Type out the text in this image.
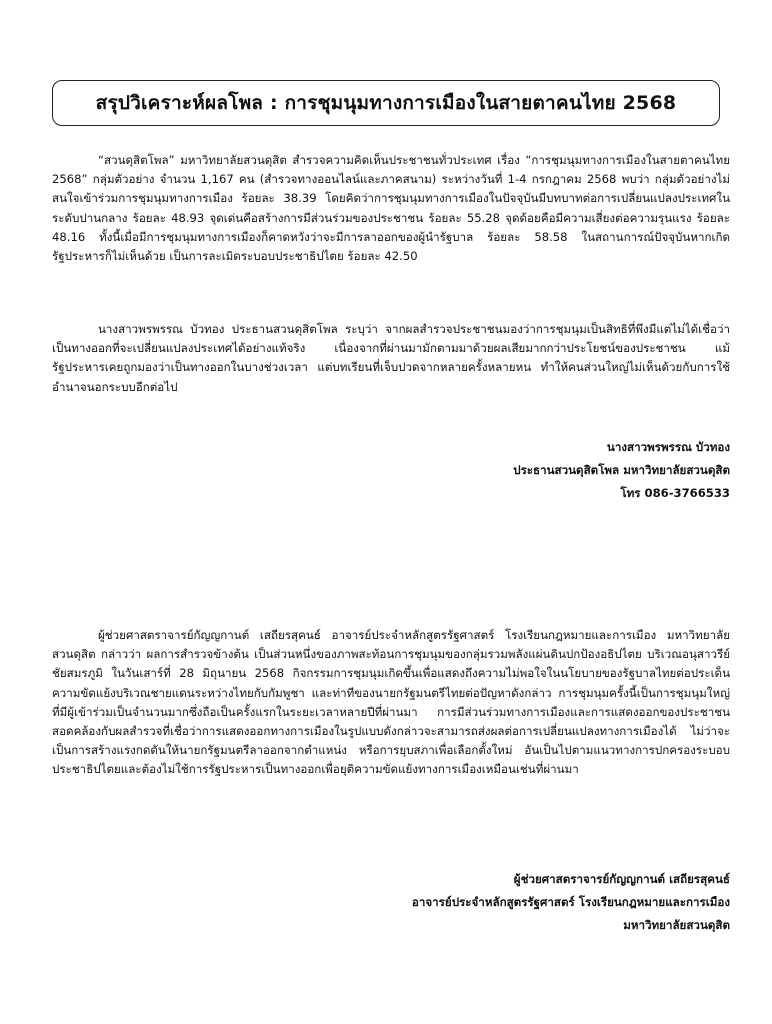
สรุปวิเคราะห์ผลโพล : การชุมนุมทางการเมืองในสายตาคนไทย 2568

“สวนดุสิตโพล” มหาวิทยาลัยสวนดุสิต สำรวจความคิดเห็นประชาชนทั่วประเทศ เรื่อง “การชุมนุมทางการเมืองในสายตาคนไทย 2568” กลุ่มตัวอย่าง จำนวน 1,167 คน (สำรวจทางออนไลน์และภาคสนาม) ระหว่างวันที่ 1-4 กรกฎาคม 2568 พบว่า กลุ่มตัวอย่างไม่สนใจเข้าร่วมการชุมนุมทางการเมือง ร้อยละ 38.39 โดยคิดว่าการชุมนุมทางการเมืองในปัจจุบันมีบทบาทต่อการเปลี่ยนแปลงประเทศในระดับปานกลาง ร้อยละ 48.93 จุดเด่นคือสร้างการมีส่วนร่วมของประชาชน ร้อยละ 55.28 จุดด้อยคือมีความเสี่ยงต่อความรุนแรง ร้อยละ 48.16 ทั้งนี้เมื่อมีการชุมนุมทางการเมืองก็คาดหวังว่าจะมีการลาออกของผู้นำรัฐบาล ร้อยละ 58.58 ในสถานการณ์ปัจจุบันหากเกิดรัฐประหารก็ไม่เห็นด้วย เป็นการละเมิดระบอบประชาธิปไตย ร้อยละ 42.50

นางสาวพรพรรณ บัวทอง ประธานสวนดุสิตโพล ระบุว่า จากผลสำรวจประชาชนมองว่าการชุมนุมเป็นสิทธิที่พึงมีแต่ไม่ได้เชื่อว่าเป็นทางออกที่จะเปลี่ยนแปลงประเทศได้อย่างแท้จริง เนื่องจากที่ผ่านมามักตามมาด้วยผลเสียมากกว่าประโยชน์ของประชาชน แม้รัฐประหารเคยถูกมองว่าเป็นทางออกในบางช่วงเวลา แต่บทเรียนที่เจ็บปวดจากหลายครั้งหลายหน ทำให้คนส่วนใหญ่ไม่เห็นด้วยกับการใช้อำนาจนอกระบบอีกต่อไป

นางสาวพรพรรณ บัวทอง
ประธานสวนดุสิตโพล มหาวิทยาลัยสวนดุสิต
โทร 086-3766533

ผู้ช่วยศาสตราจารย์กัญญกานต์ เสถียรสุคนธ์ อาจารย์ประจำหลักสูตรรัฐศาสตร์ โรงเรียนกฎหมายและการเมือง มหาวิทยาลัยสวนดุสิต กล่าวว่า ผลการสำรวจข้างต้น เป็นส่วนหนึ่งของภาพสะท้อนการชุมนุมของกลุ่มรวมพลังแผ่นดินปกป้องอธิปไตย บริเวณอนุสาวรีย์ชัยสมรภูมิ ในวันเสาร์ที่ 28 มิถุนายน 2568 กิจกรรมการชุมนุมเกิดขึ้นเพื่อแสดงถึงความไม่พอใจในนโยบายของรัฐบาลไทยต่อประเด็นความขัดแย้งบริเวณชายแดนระหว่างไทยกับกัมพูชา และท่าทีของนายกรัฐมนตรีไทยต่อปัญหาดังกล่าว การชุมนุมครั้งนี้เป็นการชุมนุมใหญ่ที่มีผู้เข้าร่วมเป็นจำนวนมากซึ่งถือเป็นครั้งแรกในระยะเวลาหลายปีที่ผ่านมา การมีส่วนร่วมทางการเมืองและการแสดงออกของประชาชนสอดคล้องกับผลสำรวจที่เชื่อว่าการแสดงออกทางการเมืองในรูปแบบดังกล่าวจะสามารถส่งผลต่อการเปลี่ยนแปลงทางการเมืองได้ ไม่ว่าจะเป็นการสร้างแรงกดดันให้นายกรัฐมนตรีลาออกจากตำแหน่ง หรือการยุบสภาเพื่อเลือกตั้งใหม่ อันเป็นไปตามแนวทางการปกครองระบอบประชาธิปไตยและต้องไม่ใช้การรัฐประหารเป็นทางออกเพื่อยุติความขัดแย้งทางการเมืองเหมือนเช่นที่ผ่านมา

ผู้ช่วยศาสตราจารย์กัญญกานต์ เสถียรสุคนธ์
อาจารย์ประจำหลักสูตรรัฐศาสตร์ โรงเรียนกฎหมายและการเมือง
มหาวิทยาลัยสวนดุสิต
